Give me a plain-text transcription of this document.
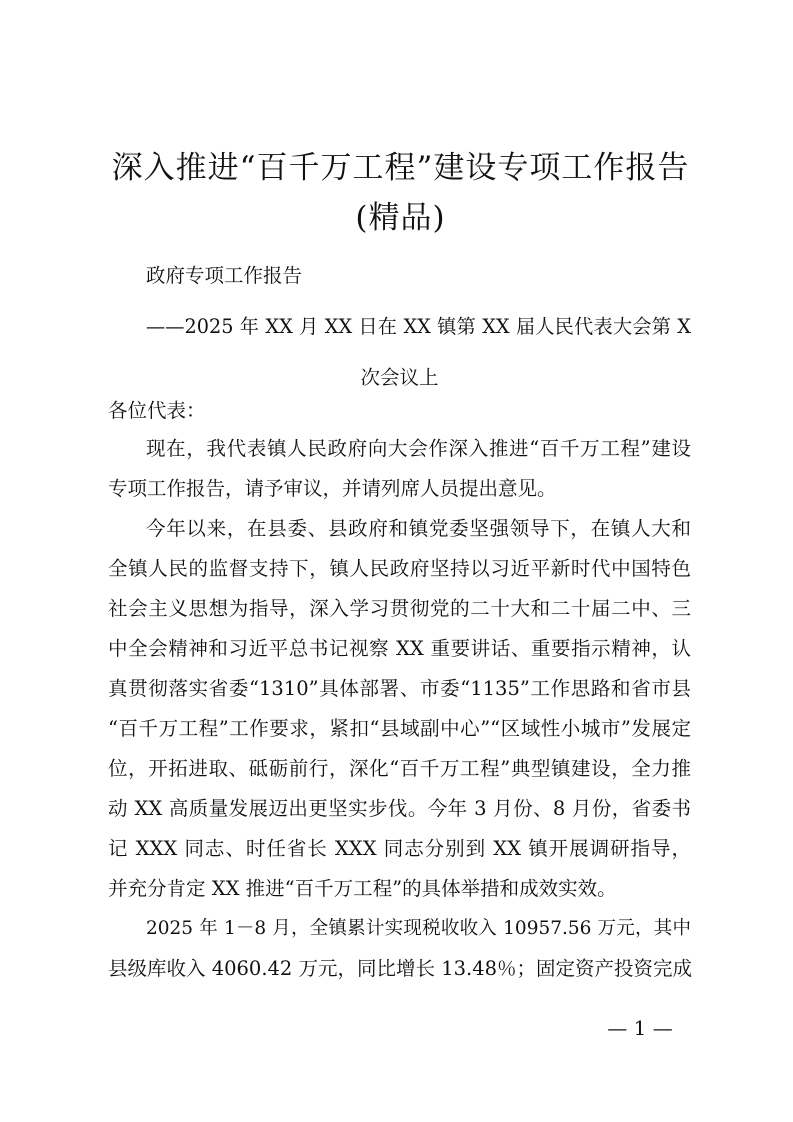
深入推进“百千万工程”建设专项工作报告
(精品)
政府专项工作报告
——2025 年 XX 月 XX 日在 XX 镇第 XX 届人民代表大会第 X
次会议上
各位代表：
现在，我代表镇人民政府向大会作深入推进“百千万工程”建设
专项工作报告，请予审议，并请列席人员提出意见。
今年以来，在县委、县政府和镇党委坚强领导下，在镇人大和
全镇人民的监督支持下，镇人民政府坚持以习近平新时代中国特色
社会主义思想为指导，深入学习贯彻党的二十大和二十届二中、三
中全会精神和习近平总书记视察 XX 重要讲话、重要指示精神，认
真贯彻落实省委“1310”具体部署、市委“1135”工作思路和省市县
“百千万工程”工作要求，紧扣“县域副中心”“区域性小城市”发展定
位，开拓进取、砥砺前行，深化“百千万工程”典型镇建设，全力推
动 XX 高质量发展迈出更坚实步伐。今年 3 月份、8 月份，省委书
记 XXX 同志、时任省长 XXX 同志分别到 XX 镇开展调研指导，
并充分肯定 XX 推进“百千万工程”的具体举措和成效实效。
2025 年 1－8 月，全镇累计实现税收收入 10957.56 万元，其中
县级库收入 4060.42 万元，同比增长 13.48％；固定资产投资完成
— 1 —
